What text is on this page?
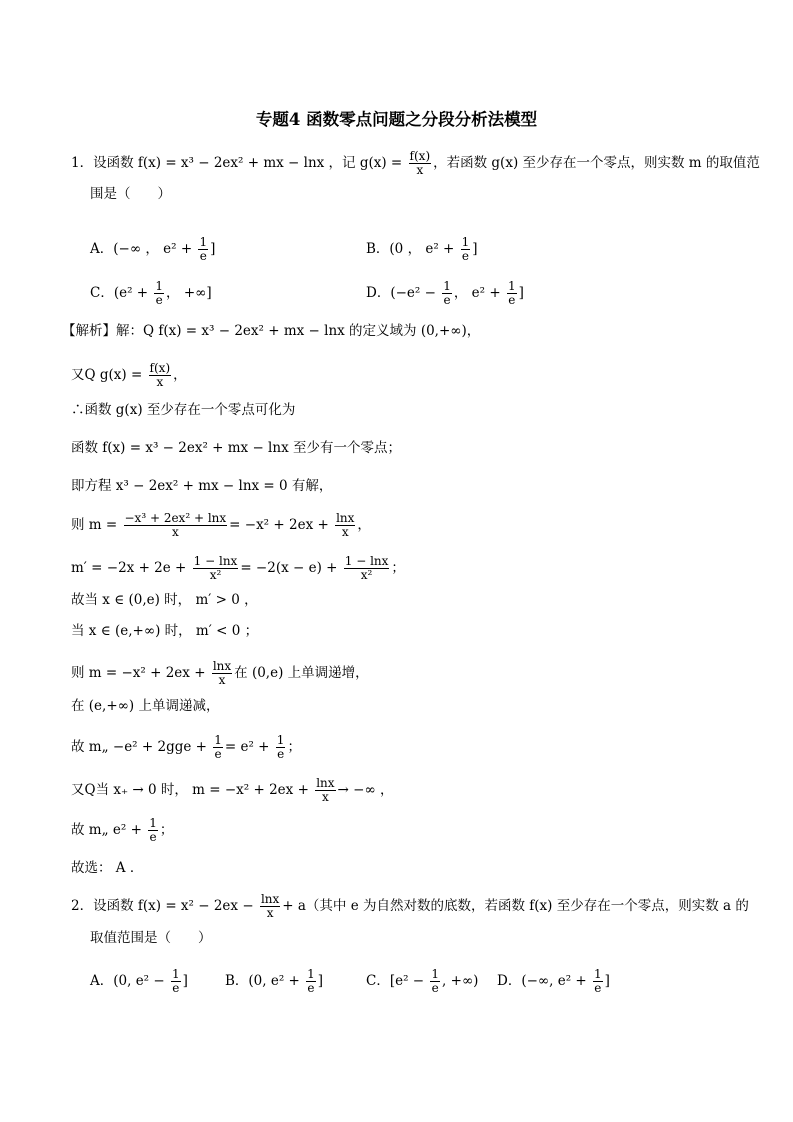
专题4 函数零点问题之分段分析法模型
1．设函数 f(x) = x³ − 2ex² + mx − lnx ，记 $g(x) = \frac{f(x)}{x}$ ，若函数 g(x) 至少存在一个零点，则实数 m 的取值范
围是（　　）
A．(−∞ ， $e^2 + \frac{1}{e}$ ]	B．(0 ， $e^2 + \frac{1}{e}$ ]
C．($e^2 + \frac{1}{e}$ ， +∞]	D．($-e^2 - \frac{1}{e}$ ， $e^2 + \frac{1}{e}$ ]
【解析】解：Q f(x) = x³ − 2ex² + mx − lnx 的定义域为 (0,+∞)，
又Q $g(x) = \frac{f(x)}{x}$ ，
∴函数 g(x) 至少存在一个零点可化为
函数 f(x) = x³ − 2ex² + mx − lnx 至少有一个零点；
即方程 x³ − 2ex² + mx − lnx = 0 有解，
则 $m = \frac{\text{−x³ + 2ex² + lnx}}{x} = -x^2 + 2ex + \frac{\ln x}{x}$ ，
$m' = -2x + 2e + \frac{1 - \ln x}{\text{x²}} = -2(x - e) + \frac{1 - \ln x}{\text{x²}}$ ；
故当 x ∈ (0,e) 时， m′ > 0 ，
当 x ∈ (e,+∞) 时， m′ < 0 ；
则 $m = -x^2 + 2ex + \frac{\ln x}{x}$ 在 (0,e) 上单调递增，
在 (e,+∞) 上单调递减，
故 m„ $-e^2 + 2gge + \frac{1}{e} = e^2 + \frac{1}{e}$ ；
又Q当 x₊ → 0 时， $m = -x^2 + 2ex + \frac{\ln x}{x}$ → −∞ ，
故 m„ $e^2 + \frac{1}{e}$ ；
故选： A ．
2．设函数 $f(x) = x^2 - 2ex - \frac{\ln x}{x} + a$（其中 e 为自然对数的底数，若函数 f(x) 至少存在一个零点，则实数 a 的
取值范围是（　　）
A．(0, $e^2 - \frac{1}{e}$ ]	B．(0, $e^2 + \frac{1}{e}$ ]	C．[$e^2 - \frac{1}{e}$ , +∞) D．(−∞, $e^2 + \frac{1}{e}$ ]
